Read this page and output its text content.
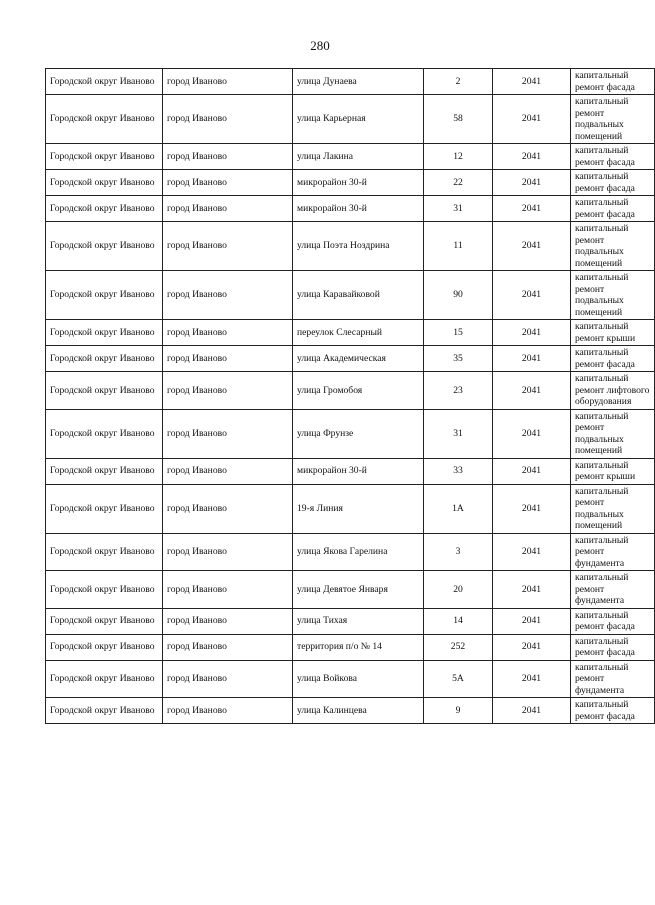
280
Городской округ Иваново	город Иваново	улица Дунаева	2	2041	капитальный ремонт фасада
Городской округ Иваново	город Иваново	улица Карьерная	58	2041	капитальный ремонт подвальных помещений
Городской округ Иваново	город Иваново	улица Лакина	12	2041	капитальный ремонт фасада
Городской округ Иваново	город Иваново	микрорайон 30-й	22	2041	капитальный ремонт фасада
Городской округ Иваново	город Иваново	микрорайон 30-й	31	2041	капитальный ремонт фасада
Городской округ Иваново	город Иваново	улица Поэта Ноздрина	11	2041	капитальный ремонт подвальных помещений
Городской округ Иваново	город Иваново	улица Каравайковой	90	2041	капитальный ремонт подвальных помещений
Городской округ Иваново	город Иваново	переулок Слесарный	15	2041	капитальный ремонт крыши
Городской округ Иваново	город Иваново	улица Академическая	35	2041	капитальный ремонт фасада
Городской округ Иваново	город Иваново	улица Громобоя	23	2041	капитальный ремонт лифтового оборудования
Городской округ Иваново	город Иваново	улица Фрунзе	31	2041	капитальный ремонт подвальных помещений
Городской округ Иваново	город Иваново	микрорайон 30-й	33	2041	капитальный ремонт крыши
Городской округ Иваново	город Иваново	19-я Линия	1А	2041	капитальный ремонт подвальных помещений
Городской округ Иваново	город Иваново	улица Якова Гарелина	3	2041	капитальный ремонт фундамента
Городской округ Иваново	город Иваново	улица Девятое Января	20	2041	капитальный ремонт фундамента
Городской округ Иваново	город Иваново	улица Тихая	14	2041	капитальный ремонт фасада
Городской округ Иваново	город Иваново	территория п/о № 14	252	2041	капитальный ремонт фасада
Городской округ Иваново	город Иваново	улица Войкова	5А	2041	капитальный ремонт фундамента
Городской округ Иваново	город Иваново	улица Калинцева	9	2041	капитальный ремонт фасада
